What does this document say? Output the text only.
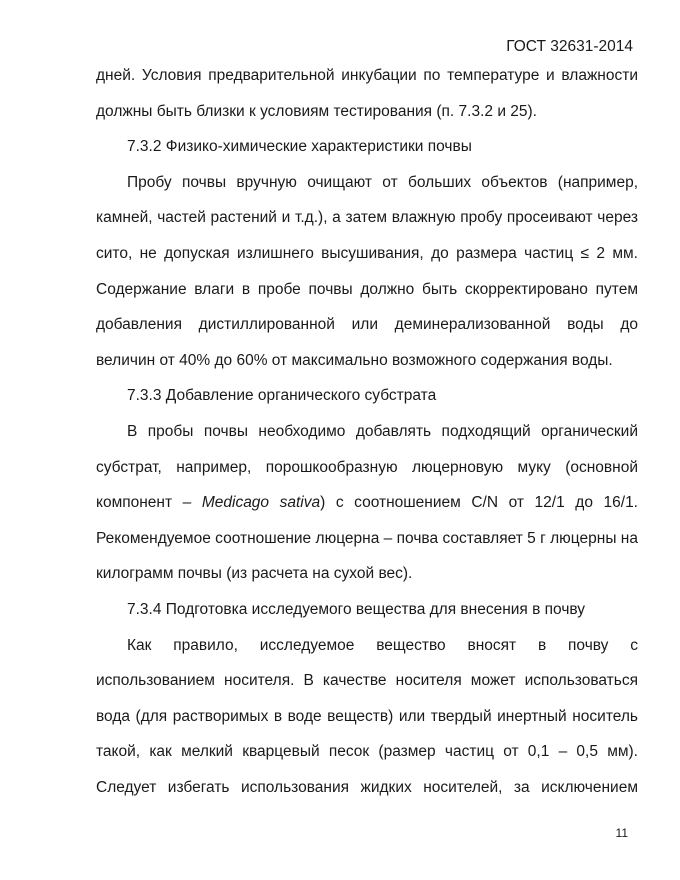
ГОСТ 32631-2014

дней. Условия предварительной инкубации по температуре и влажности должны быть близки к условиям тестирования (п. 7.3.2 и 25).

7.3.2 Физико-химические характеристики почвы

Пробу почвы вручную очищают от больших объектов (например, камней, частей растений и т.д.), а затем влажную пробу просеивают через сито, не допуская излишнего высушивания, до размера частиц ≤ 2 мм. Содержание влаги в пробе почвы должно быть скорректировано путем добавления дистиллированной или деминерализованной воды до величин от 40% до 60% от максимально возможного содержания воды.

7.3.3 Добавление органического субстрата

В пробы почвы необходимо добавлять подходящий органический субстрат, например, порошкообразную люцерновую муку (основной компонент – Medicago sativa) с соотношением C/N от 12/1 до 16/1. Рекомендуемое соотношение люцерна – почва составляет 5 г люцерны на килограмм почвы (из расчета на сухой вес).

7.3.4 Подготовка исследуемого вещества для внесения в почву

Как правило, исследуемое вещество вносят в почву с использованием носителя. В качестве носителя может использоваться вода (для растворимых в воде веществ) или твердый инертный носитель такой, как мелкий кварцевый песок (размер частиц от 0,1 – 0,5 мм). Следует избегать использования жидких носителей, за исключением

11
